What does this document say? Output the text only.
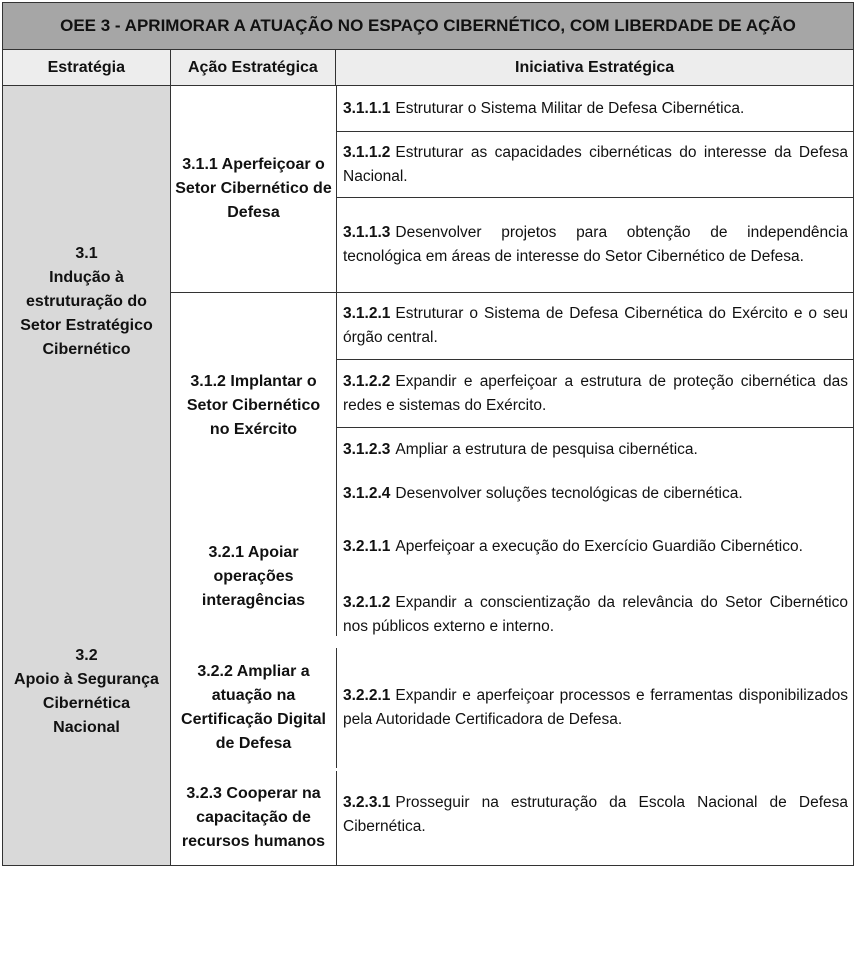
OEE 3 - APRIMORAR A ATUAÇÃO NO ESPAÇO CIBERNÉTICO, COM LIBERDADE DE AÇÃO
Estratégia	Ação Estratégica	Iniciativa Estratégica
3.1
Indução à estruturação do Setor Estratégico Cibernético
3.2
Apoio à Segurança Cibernética Nacional
3.1.1 Aperfeiçoar o Setor Cibernético de Defesa
3.1.2 Implantar o Setor Cibernético no Exército
3.2.1 Apoiar operações interagências
3.2.2 Ampliar a atuação na Certificação Digital de Defesa
3.2.3 Cooperar na capacitação de recursos humanos
3.1.1.1 Estruturar o Sistema Militar de Defesa Cibernética.
3.1.1.2 Estruturar as capacidades cibernéticas do interesse da Defesa Nacional.
3.1.1.3 Desenvolver projetos para obtenção de independência tecnológica em áreas de interesse do Setor Cibernético de Defesa.
3.1.2.1 Estruturar o Sistema de Defesa Cibernética do Exército e o seu órgão central.
3.1.2.2 Expandir e aperfeiçoar a estrutura de proteção cibernética das redes e sistemas do Exército.
3.1.2.3 Ampliar a estrutura de pesquisa cibernética.
3.1.2.4 Desenvolver soluções tecnológicas de cibernética.
3.2.1.1 Aperfeiçoar a execução do Exercício Guardião Cibernético.
3.2.1.2 Expandir a conscientização da relevância do Setor Cibernético nos públicos externo e interno.
3.2.2.1 Expandir e aperfeiçoar processos e ferramentas disponibilizados pela Autoridade Certificadora de Defesa.
3.2.3.1 Prosseguir na estruturação da Escola Nacional de Defesa Cibernética.
